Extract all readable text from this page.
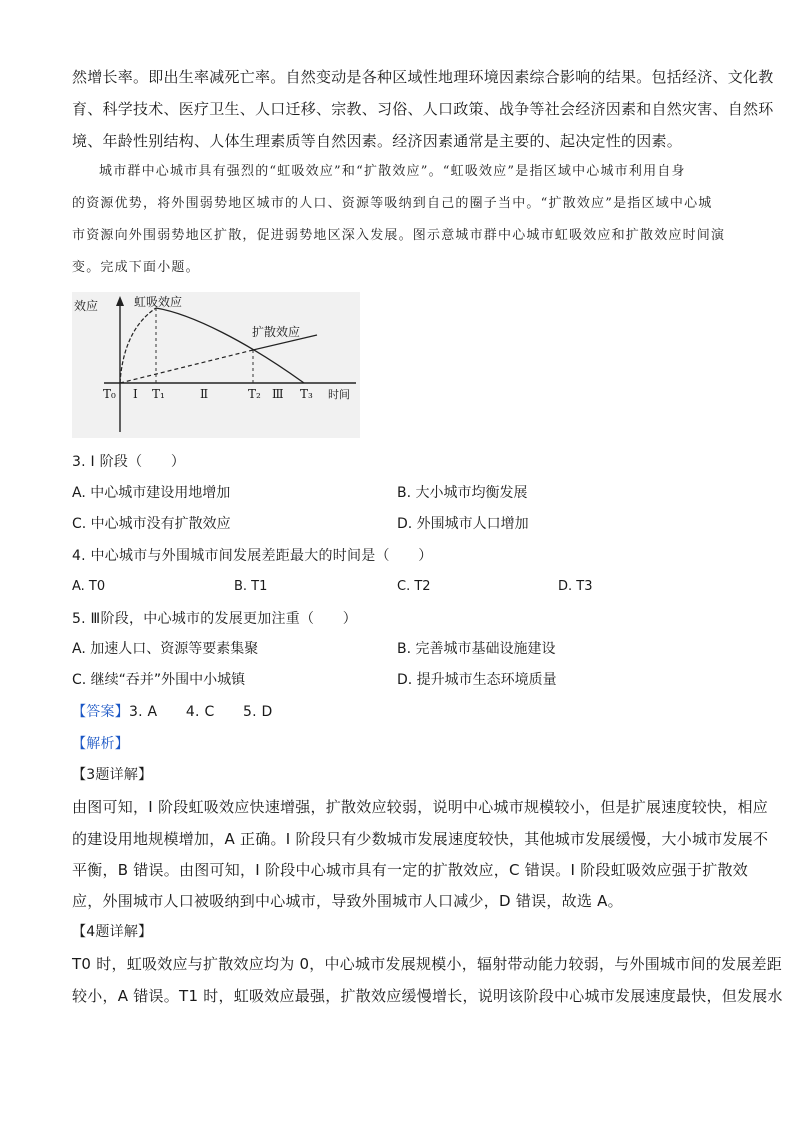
然增长率。即出生率减死亡率。自然变动是各种区域性地理环境因素综合影响的结果。包括经济、文化教
育、科学技术、医疗卫生、人口迁移、宗教、习俗、人口政策、战争等社会经济因素和自然灾害、自然环
境、年龄性别结构、人体生理素质等自然因素。经济因素通常是主要的、起决定性的因素。
城市群中心城市具有强烈的“虹吸效应”和“扩散效应”。“虹吸效应”是指区域中心城市利用自身
的资源优势，将外围弱势地区城市的人口、资源等吸纳到自己的圈子当中。“扩散效应”是指区域中心城
市资源向外围弱势地区扩散，促进弱势地区深入发展。图示意城市群中心城市虹吸效应和扩散效应时间演
变。完成下面小题。
效应	虹吸效应
扩散效应
T₀ Ⅰ T₁	Ⅱ	T₂ Ⅲ T₃ 时间
3. I 阶段（　　）
A. 中心城市建设用地增加	B. 大小城市均衡发展
C. 中心城市没有扩散效应	D. 外围城市人口增加
4. 中心城市与外围城市间发展差距最大的时间是（　　）
A. T0	B. T1	C. T2	D. T3
5. Ⅲ阶段，中心城市的发展更加注重（　　）
A. 加速人口、资源等要素集聚	B. 完善城市基础设施建设
C. 继续“吞并”外围中小城镇	D. 提升城市生态环境质量
【答案】3. A　　4. C　　5. D
【解析】
【3题详解】
由图可知，I 阶段虹吸效应快速增强，扩散效应较弱，说明中心城市规模较小，但是扩展速度较快，相应
的建设用地规模增加，A 正确。I 阶段只有少数城市发展速度较快，其他城市发展缓慢，大小城市发展不
平衡，B 错误。由图可知，I 阶段中心城市具有一定的扩散效应，C 错误。I 阶段虹吸效应强于扩散效
应，外围城市人口被吸纳到中心城市，导致外围城市人口减少，D 错误，故选 A。
【4题详解】
T0 时，虹吸效应与扩散效应均为 0，中心城市发展规模小，辐射带动能力较弱，与外围城市间的发展差距
较小，A 错误。T1 时，虹吸效应最强，扩散效应缓慢增长，说明该阶段中心城市发展速度最快，但发展水
